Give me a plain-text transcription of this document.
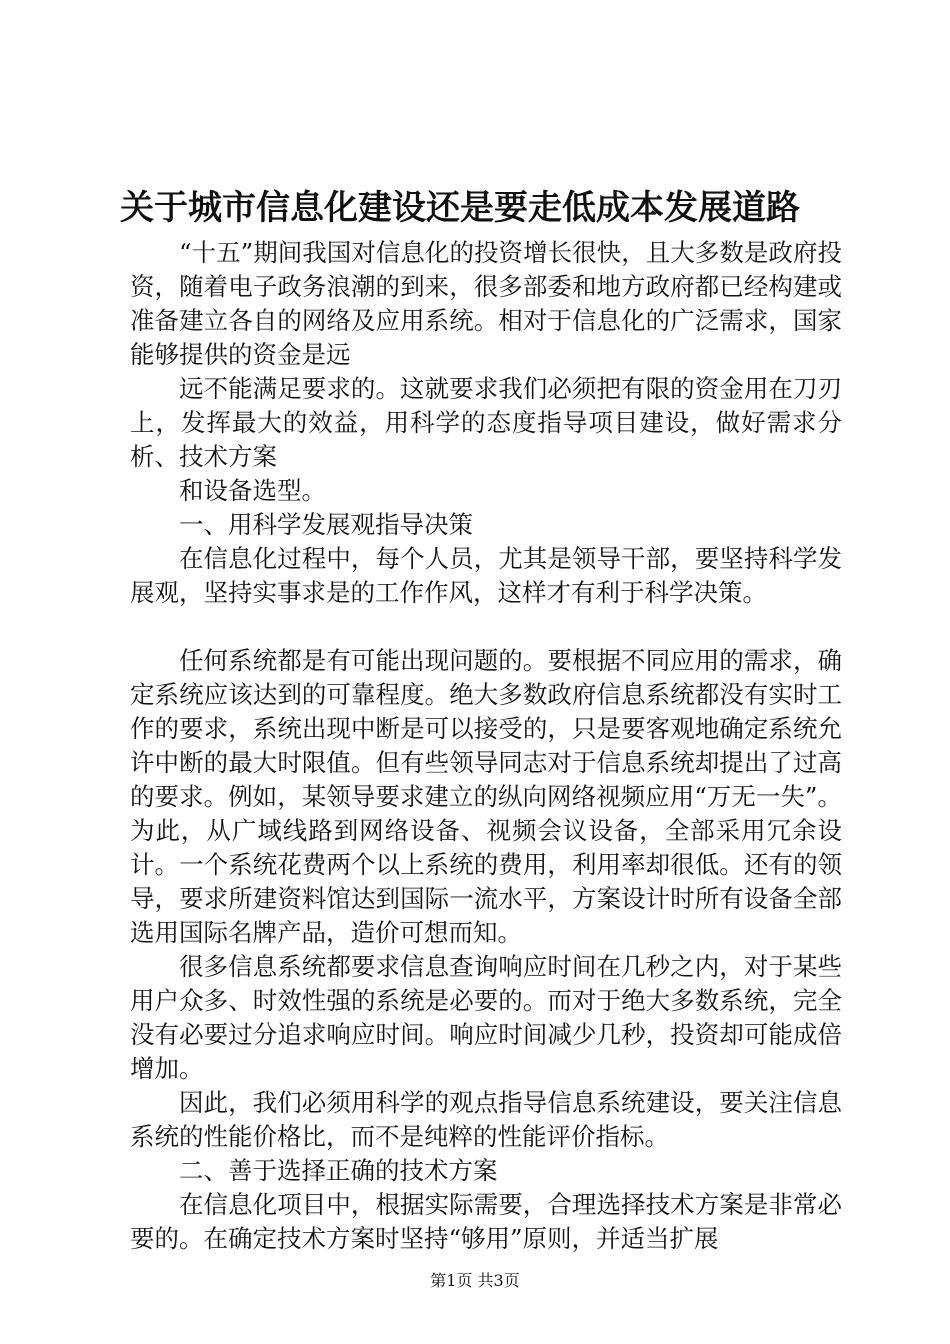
关于城市信息化建设还是要走低成本发展道路

“十五”期间我国对信息化的投资增长很快，且大多数是政府投资，随着电子政务浪潮的到来，很多部委和地方政府都已经构建或准备建立各自的网络及应用系统。相对于信息化的广泛需求，国家能够提供的资金是远

远不能满足要求的。这就要求我们必须把有限的资金用在刀刃上，发挥最大的效益，用科学的态度指导项目建设，做好需求分析、技术方案

和设备选型。

一、用科学发展观指导决策

在信息化过程中，每个人员，尤其是领导干部，要坚持科学发展观，坚持实事求是的工作作风，这样才有利于科学决策。

任何系统都是有可能出现问题的。要根据不同应用的需求，确定系统应该达到的可靠程度。绝大多数政府信息系统都没有实时工作的要求，系统出现中断是可以接受的，只是要客观地确定系统允许中断的最大时限值。但有些领导同志对于信息系统却提出了过高的要求。例如，某领导要求建立的纵向网络视频应用“万无一失”。为此，从广域线路到网络设备、视频会议设备，全部采用冗余设计。一个系统花费两个以上系统的费用，利用率却很低。还有的领导，要求所建资料馆达到国际一流水平，方案设计时所有设备全部选用国际名牌产品，造价可想而知。

很多信息系统都要求信息查询响应时间在几秒之内，对于某些用户众多、时效性强的系统是必要的。而对于绝大多数系统，完全没有必要过分追求响应时间。响应时间减少几秒，投资却可能成倍增加。

因此，我们必须用科学的观点指导信息系统建设，要关注信息系统的性能价格比，而不是纯粹的性能评价指标。

二、善于选择正确的技术方案

在信息化项目中，根据实际需要，合理选择技术方案是非常必要的。在确定技术方案时坚持“够用”原则，并适当扩展

第1页 共3页
